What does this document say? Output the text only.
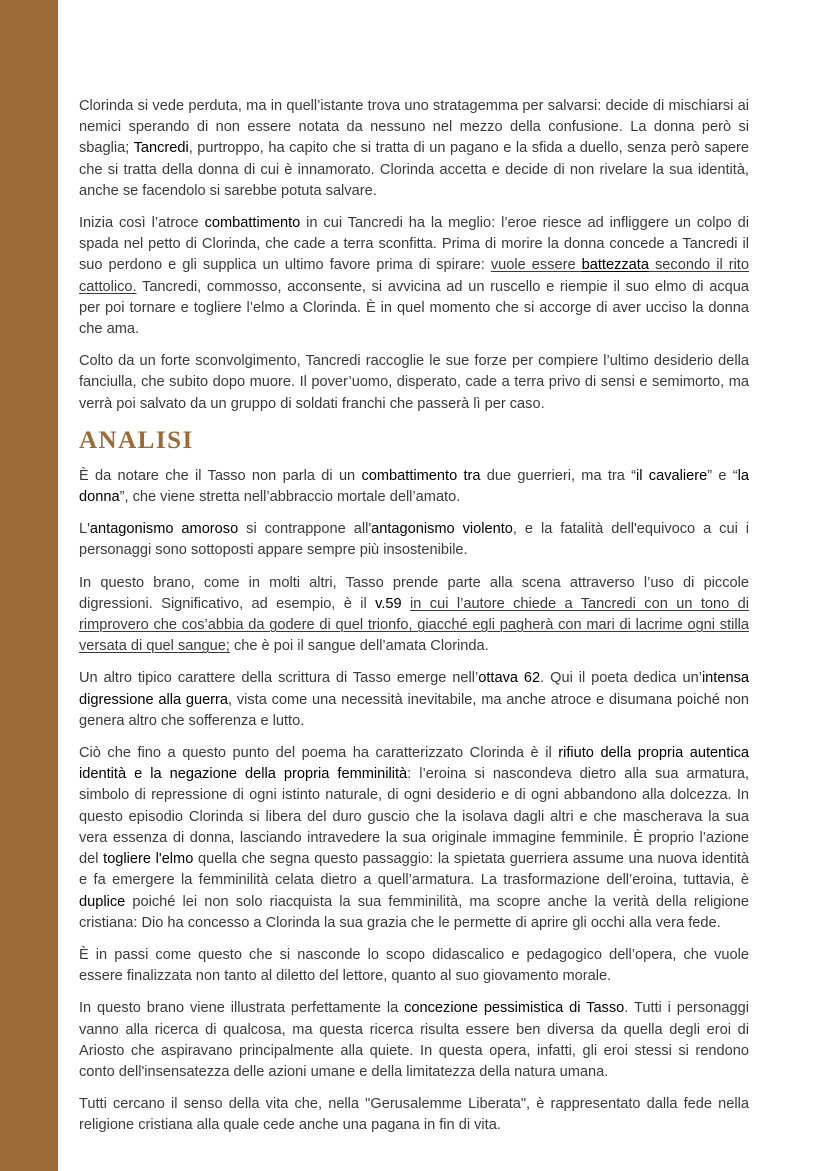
Clorinda si vede perduta, ma in quell’istante trova uno stratagemma per salvarsi: decide di mischiarsi ai nemici sperando di non essere notata da nessuno nel mezzo della confusione. La donna però si sbaglia; Tancredi, purtroppo, ha capito che si tratta di un pagano e la sfida a duello, senza però sapere che si tratta della donna di cui è innamorato. Clorinda accetta e decide di non rivelare la sua identità, anche se facendolo si sarebbe potuta salvare.

Inizia così l’atroce combattimento in cui Tancredi ha la meglio: l’eroe riesce ad infliggere un colpo di spada nel petto di Clorinda, che cade a terra sconfitta. Prima di morire la donna concede a Tancredi il suo perdono e gli supplica un ultimo favore prima di spirare: vuole essere battezzata secondo il rito cattolico. Tancredi, commosso, acconsente, si avvicina ad un ruscello e riempie il suo elmo di acqua per poi tornare e togliere l’elmo a Clorinda. È in quel momento che si accorge di aver ucciso la donna che ama.

Colto da un forte sconvolgimento, Tancredi raccoglie le sue forze per compiere l’ultimo desiderio della fanciulla, che subito dopo muore. Il pover’uomo, disperato, cade a terra privo di sensi e semimorto, ma verrà poi salvato da un gruppo di soldati franchi che passerà lì per caso.

ANALISI

È da notare che il Tasso non parla di un combattimento tra due guerrieri, ma tra “il cavaliere” e “la donna”, che viene stretta nell’abbraccio mortale dell’amato.

L'antagonismo amoroso si contrappone all'antagonismo violento, e la fatalità dell'equivoco a cui i personaggi sono sottoposti appare sempre più insostenibile.

In questo brano, come in molti altri, Tasso prende parte alla scena attraverso l’uso di piccole digressioni. Significativo, ad esempio, è il v.59 in cui l’autore chiede a Tancredi con un tono di rimprovero che cos’abbia da godere di quel trionfo, giacché egli pagherà con mari di lacrime ogni stilla versata di quel sangue; che è poi il sangue dell’amata Clorinda.

Un altro tipico carattere della scrittura di Tasso emerge nell’ottava 62. Qui il poeta dedica un’intensa digressione alla guerra, vista come una necessità inevitabile, ma anche atroce e disumana poiché non genera altro che sofferenza e lutto.

Ciò che fino a questo punto del poema ha caratterizzato Clorinda è il rifiuto della propria autentica identità e la negazione della propria femminilità: l’eroina si nascondeva dietro alla sua armatura, simbolo di repressione di ogni istinto naturale, di ogni desiderio e di ogni abbandono alla dolcezza. In questo episodio Clorinda si libera del duro guscio che la isolava dagli altri e che mascherava la sua vera essenza di donna, lasciando intravedere la sua originale immagine femminile. È proprio l’azione del togliere l'elmo quella che segna questo passaggio: la spietata guerriera assume una nuova identità e fa emergere la femminilità celata dietro a quell’armatura. La trasformazione dell’eroina, tuttavia, è duplice poiché lei non solo riacquista la sua femminilità, ma scopre anche la verità della religione cristiana: Dio ha concesso a Clorinda la sua grazia che le permette di aprire gli occhi alla vera fede.

È in passi come questo che si nasconde lo scopo didascalico e pedagogico dell’opera, che vuole essere finalizzata non tanto al diletto del lettore, quanto al suo giovamento morale.

In questo brano viene illustrata perfettamente la concezione pessimistica di Tasso. Tutti i personaggi vanno alla ricerca di qualcosa, ma questa ricerca risulta essere ben diversa da quella degli eroi di Ariosto che aspiravano principalmente alla quiete. In questa opera, infatti, gli eroi stessi si rendono conto dell'insensatezza delle azioni umane e della limitatezza della natura umana.

Tutti cercano il senso della vita che, nella "Gerusalemme Liberata", è rappresentato dalla fede nella religione cristiana alla quale cede anche una pagana in fin di vita.
